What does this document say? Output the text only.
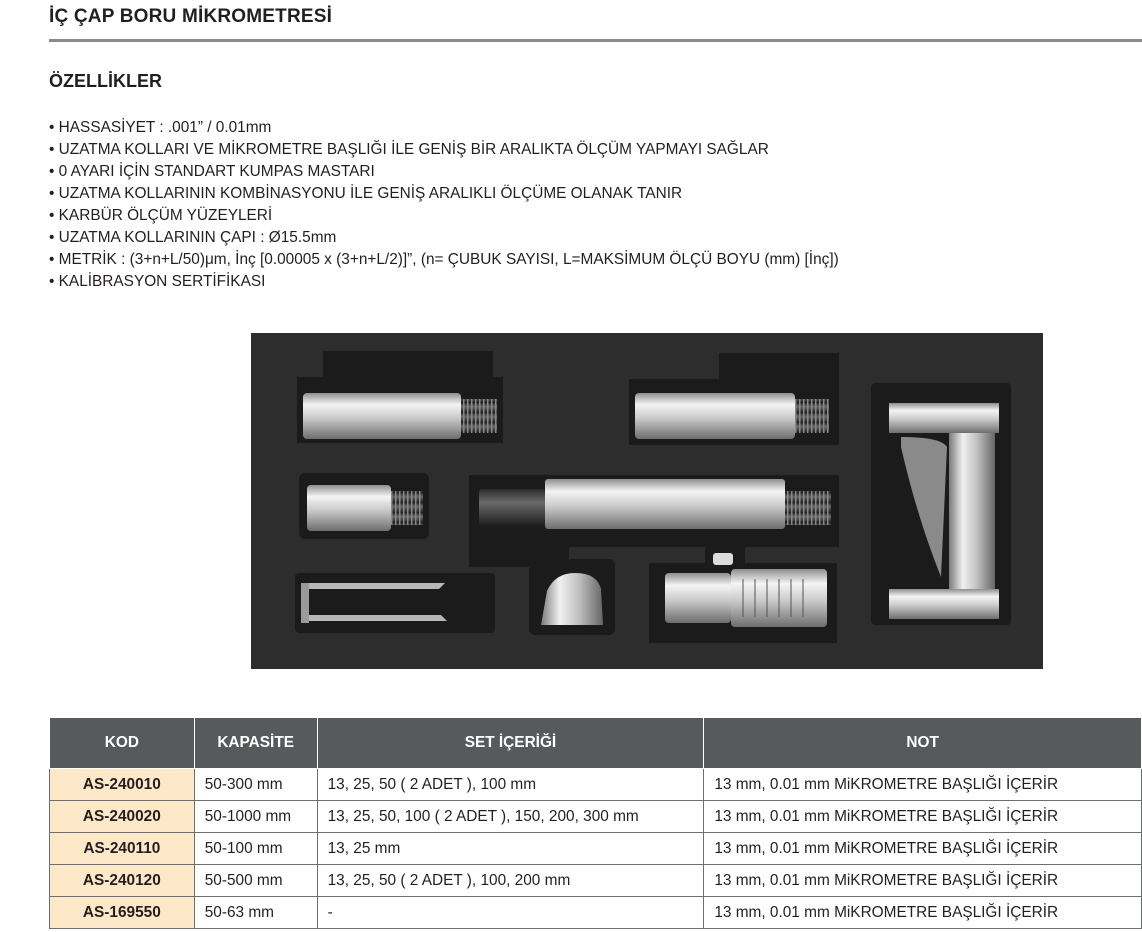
İÇ ÇAP BORU MİKROMETRESİ
ÖZELLİKLER
• HASSASİYET : .001” / 0.01mm
• UZATMA KOLLARI VE MİKROMETRE BAŞLIĞI İLE GENİŞ BİR ARALIKTA ÖLÇÜM YAPMAYI SAĞLAR
• 0 AYARI İÇİN STANDART KUMPAS MASTARI
• UZATMA KOLLARININ KOMBİNASYONU İLE GENİŞ ARALIKLI ÖLÇÜME OLANAK TANIR
• KARBÜR ÖLÇÜM YÜZEYLERİ
• UZATMA KOLLARININ ÇAPI : Ø15.5mm
• METRİK : (3+n+L/50)μm, İnç [0.00005 x (3+n+L/2)]”, (n= ÇUBUK SAYISI, L=MAKSİMUM ÖLÇÜ BOYU (mm) [İnç])
• KALİBRASYON SERTİFİKASI
KOD	KAPASİTE	SET İÇERİĞİ	NOT
AS-240010	50-300 mm	13, 25, 50 ( 2 ADET ), 100 mm	13 mm, 0.01 mm MiKROMETRE BAŞLIĞI İÇERİR
AS-240020	50-1000 mm	13, 25, 50, 100 ( 2 ADET ), 150, 200, 300 mm	13 mm, 0.01 mm MiKROMETRE BAŞLIĞI İÇERİR
AS-240110	50-100 mm	13, 25 mm	13 mm, 0.01 mm MiKROMETRE BAŞLIĞI İÇERİR
AS-240120	50-500 mm	13, 25, 50 ( 2 ADET ), 100, 200 mm	13 mm, 0.01 mm MiKROMETRE BAŞLIĞI İÇERİR
AS-169550	50-63 mm	-	13 mm, 0.01 mm MiKROMETRE BAŞLIĞI İÇERİR
